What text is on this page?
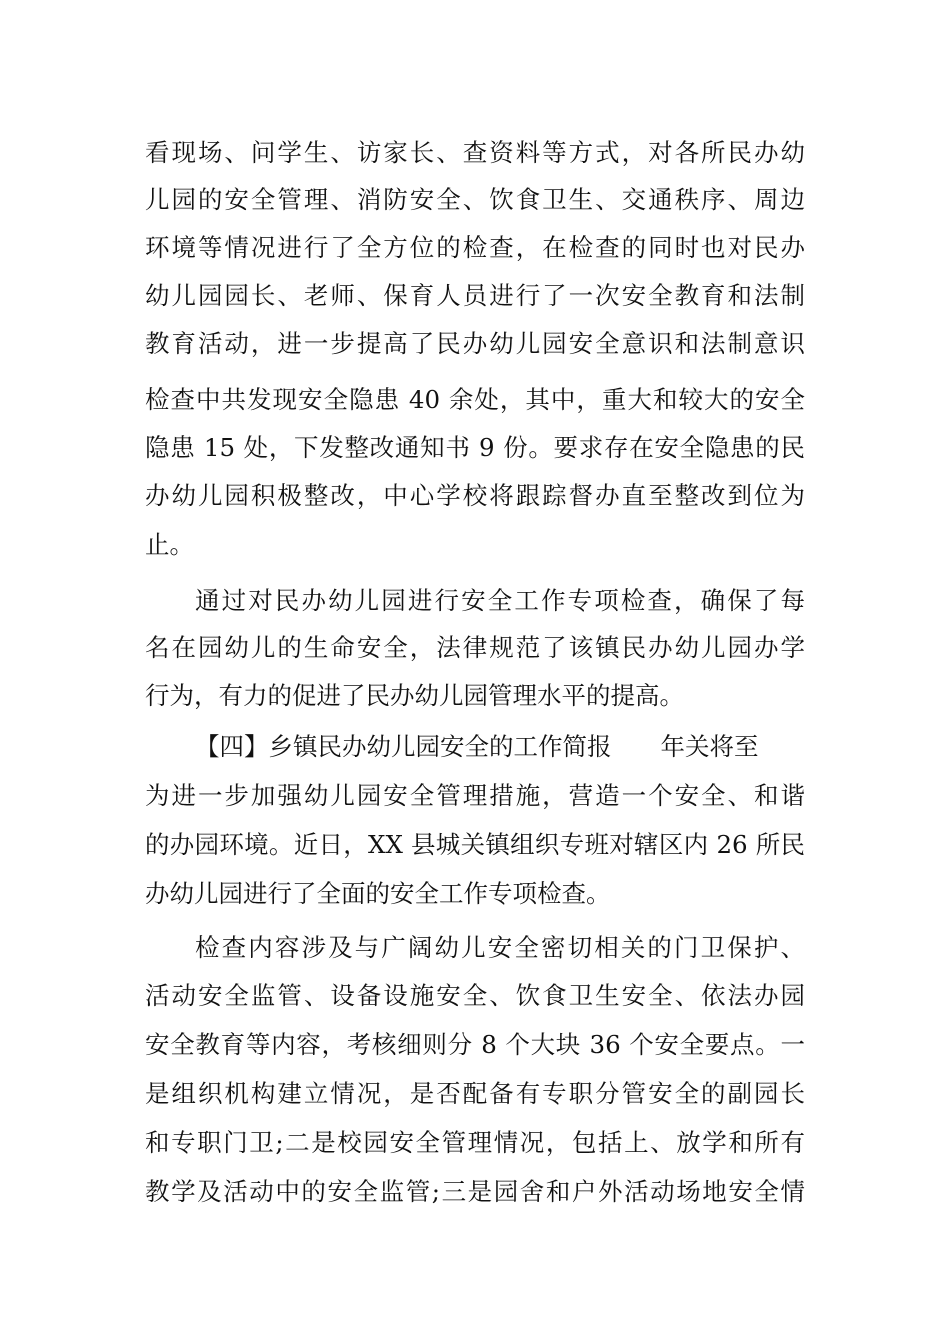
看现场、问学生、访家长、查资料等方式，对各所民办幼
儿园的安全管理、消防安全、饮食卫生、交通秩序、周边
环境等情况进行了全方位的检查，在检查的同时也对民办
幼儿园园长、老师、保育人员进行了一次安全教育和法制
教育活动，进一步提高了民办幼儿园安全意识和法制意识
检查中共发现安全隐患 40 余处，其中，重大和较大的安全
隐患 15 处，下发整改通知书 9 份。要求存在安全隐患的民
办幼儿园积极整改，中心学校将跟踪督办直至整改到位为
止。
通过对民办幼儿园进行安全工作专项检查，确保了每
名在园幼儿的生命安全，法律规范了该镇民办幼儿园办学
行为，有力的促进了民办幼儿园管理水平的提高。
【四】乡镇民办幼儿园安全的工作简报　　年关将至
为进一步加强幼儿园安全管理措施，营造一个安全、和谐
的办园环境。近日，XX 县城关镇组织专班对辖区内 26 所民
办幼儿园进行了全面的安全工作专项检查。
检查内容涉及与广阔幼儿安全密切相关的门卫保护、
活动安全监管、设备设施安全、饮食卫生安全、依法办园
安全教育等内容，考核细则分 8 个大块 36 个安全要点。一
是组织机构建立情况，是否配备有专职分管安全的副园长
和专职门卫;二是校园安全管理情况，包括上、放学和所有
教学及活动中的安全监管;三是园舍和户外活动场地安全情
